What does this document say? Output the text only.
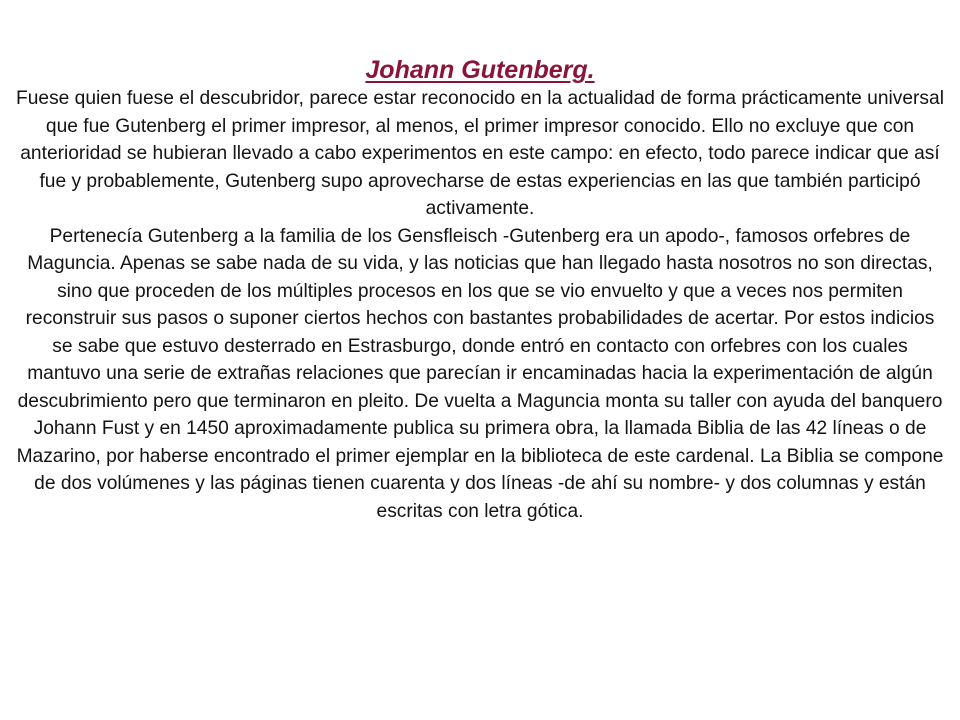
Johann Gutenberg.

Fuese quien fuese el descubridor, parece estar reconocido en la actualidad de forma prácticamente universal que fue Gutenberg el primer impresor, al menos, el primer impresor conocido. Ello no excluye que con anterioridad se hubieran llevado a cabo experimentos en este campo: en efecto, todo parece indicar que así fue y probablemente, Gutenberg supo aprovecharse de estas experiencias en las que también participó activamente.

Pertenecía Gutenberg a la familia de los Gensfleisch -Gutenberg era un apodo-, famosos orfebres de Maguncia. Apenas se sabe nada de su vida, y las noticias que han llegado hasta nosotros no son directas, sino que proceden de los múltiples procesos en los que se vio envuelto y que a veces nos permiten reconstruir sus pasos o suponer ciertos hechos con bastantes probabilidades de acertar. Por estos indicios se sabe que estuvo desterrado en Estrasburgo, donde entró en contacto con orfebres con los cuales mantuvo una serie de extrañas relaciones que parecían ir encaminadas hacia la experimentación de algún descubrimiento pero que terminaron en pleito. De vuelta a Maguncia monta su taller con ayuda del banquero Johann Fust y en 1450 aproximadamente publica su primera obra, la llamada Biblia de las 42 líneas o de Mazarino, por haberse encontrado el primer ejemplar en la biblioteca de este cardenal. La Biblia se compone de dos volúmenes y las páginas tienen cuarenta y dos líneas -de ahí su nombre- y dos columnas y están escritas con letra gótica.
